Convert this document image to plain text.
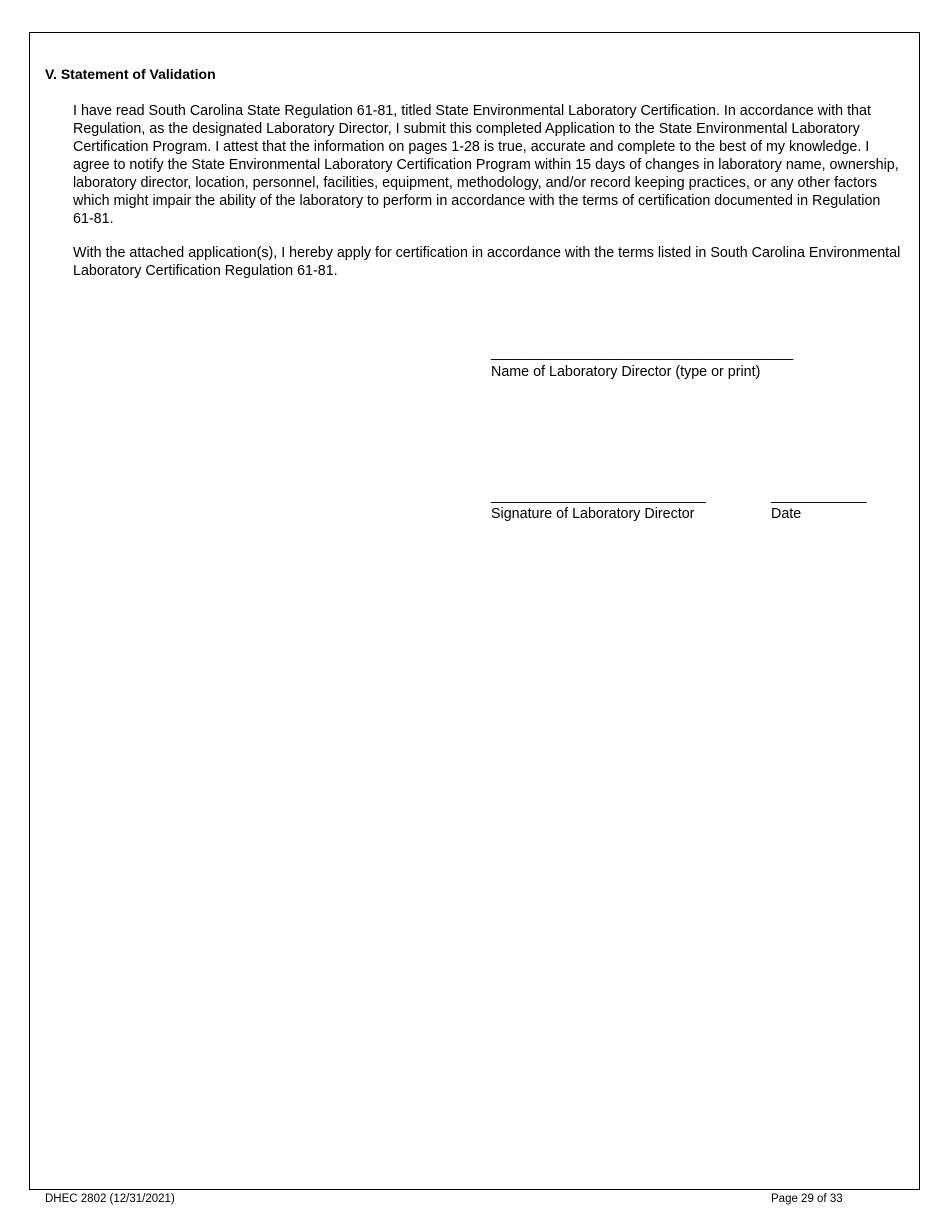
V. Statement of Validation

I have read South Carolina State Regulation 61-81, titled State Environmental Laboratory Certification. In accordance with that Regulation, as the designated Laboratory Director, I submit this completed Application to the State Environmental Laboratory Certification Program. I attest that the information on pages 1-28 is true, accurate and complete to the best of my knowledge. I agree to notify the State Environmental Laboratory Certification Program within 15 days of changes in laboratory name, ownership, laboratory director, location, personnel, facilities, equipment, methodology, and/or record keeping practices, or any other factors which might impair the ability of the laboratory to perform in accordance with the terms of certification documented in Regulation 61-81.

With the attached application(s), I hereby apply for certification in accordance with the terms listed in South Carolina Environmental Laboratory Certification Regulation 61-81.

______________________________________
Name of Laboratory Director (type or print)
___________________________
Signature of Laboratory Director
____________
Date
DHEC 2802 (12/31/2021)	Page 29 of 33
